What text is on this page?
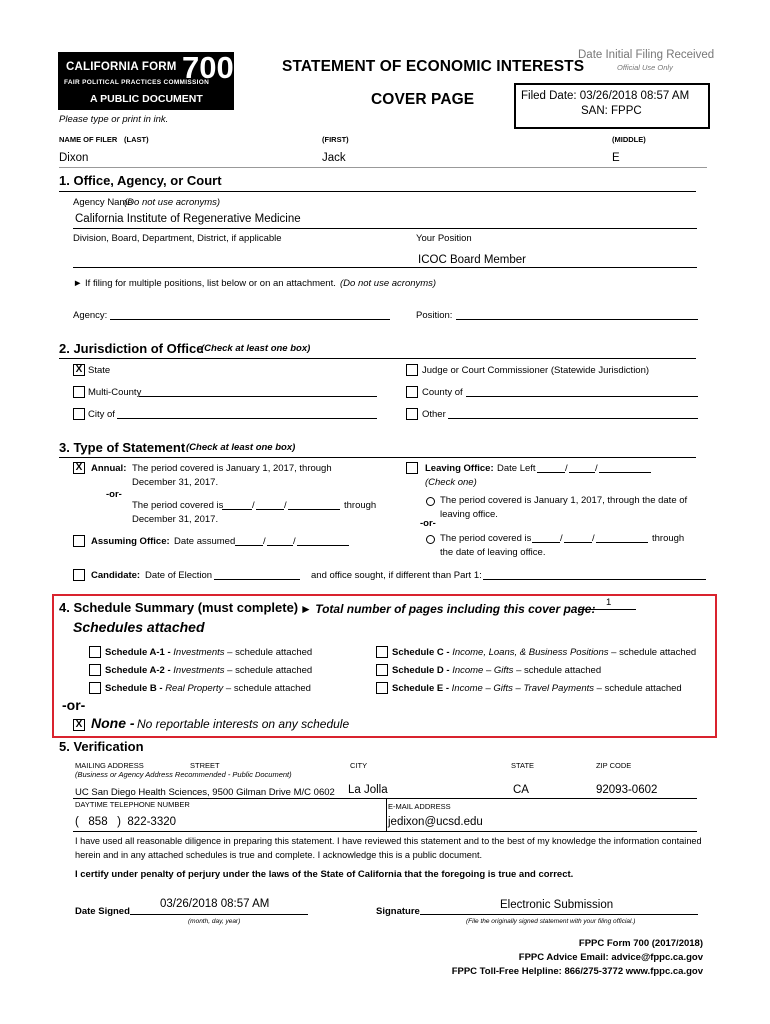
CALIFORNIA FORM 700
FAIR POLITICAL PRACTICES COMMISSION
A PUBLIC DOCUMENT
STATEMENT OF ECONOMIC INTERESTS
COVER PAGE
Please type or print in ink.
Date Initial Filing Received
Official Use Only
Filed Date: 03/26/2018 08:57 AM
SAN: FPPC
NAME OF FILER (LAST)	(FIRST)	(MIDDLE)
Dixon	Jack	E
1. Office, Agency, or Court
Agency Name
(Do not use acronyms)
California Institute of Regenerative Medicine
Division, Board, Department, District, if applicable	Your Position
ICOC Board Member
► If filing for multiple positions, list below or on an attachment. (Do not use acronyms)
Agency:	Position:
2. Jurisdiction of Office
(Check at least one box)
X State	Judge or Court Commissioner (Statewide Jurisdiction)
Multi-County	County of
City of	Other
3. Type of Statement (Check at least one box)
X Annual: The period covered is January 1, 2017, through
December 31, 2017.
-or-
The period covered is	/	/	through
December 31, 2017.
Assuming Office: Date assumed	/	/
Leaving Office: Date Left	/	/
(Check one)
The period covered is January 1, 2017, through the date of
leaving office.
-or-
The period covered is	/	/	through
the date of leaving office.
Candidate: Date of Election	and office sought, if different than Part 1:
4. Schedule Summary (must complete) ► Total number of pages including this cover page: 1
Schedules attached
Schedule A-1 - Investments – schedule attached
Schedule A-2 - Investments – schedule attached
Schedule B - Real Property – schedule attached
Schedule C - Income, Loans, & Business Positions – schedule attached
Schedule D - Income – Gifts – schedule attached
Schedule E - Income – Gifts – Travel Payments – schedule attached
-or-
X None - No reportable interests on any schedule
5. Verification
MAILING ADDRESS	STREET	CITY	STATE	ZIP CODE
(Business or Agency Address Recommended - Public Document)
UC San Diego Health Sciences, 9500 Gilman Drive M/C 0602 La Jolla	CA	92093-0602
DAYTIME TELEPHONE NUMBER	E-MAIL ADDRESS
(   858   )  822-3320	jedixon@ucsd.edu
I have used all reasonable diligence in preparing this statement. I have reviewed this statement and to the best of my knowledge the information contained
herein and in any attached schedules is true and complete. I acknowledge this is a public document.
I certify under penalty of perjury under the laws of the State of California that the foregoing is true and correct.
Date Signed
03/26/2018 08:57 AM
(month, day, year)
Signature
Electronic Submission
(File the originally signed statement with your filing official.)
FPPC Form 700 (2017/2018)
FPPC Advice Email: advice@fppc.ca.gov
FPPC Toll-Free Helpline: 866/275-3772 www.fppc.ca.gov
